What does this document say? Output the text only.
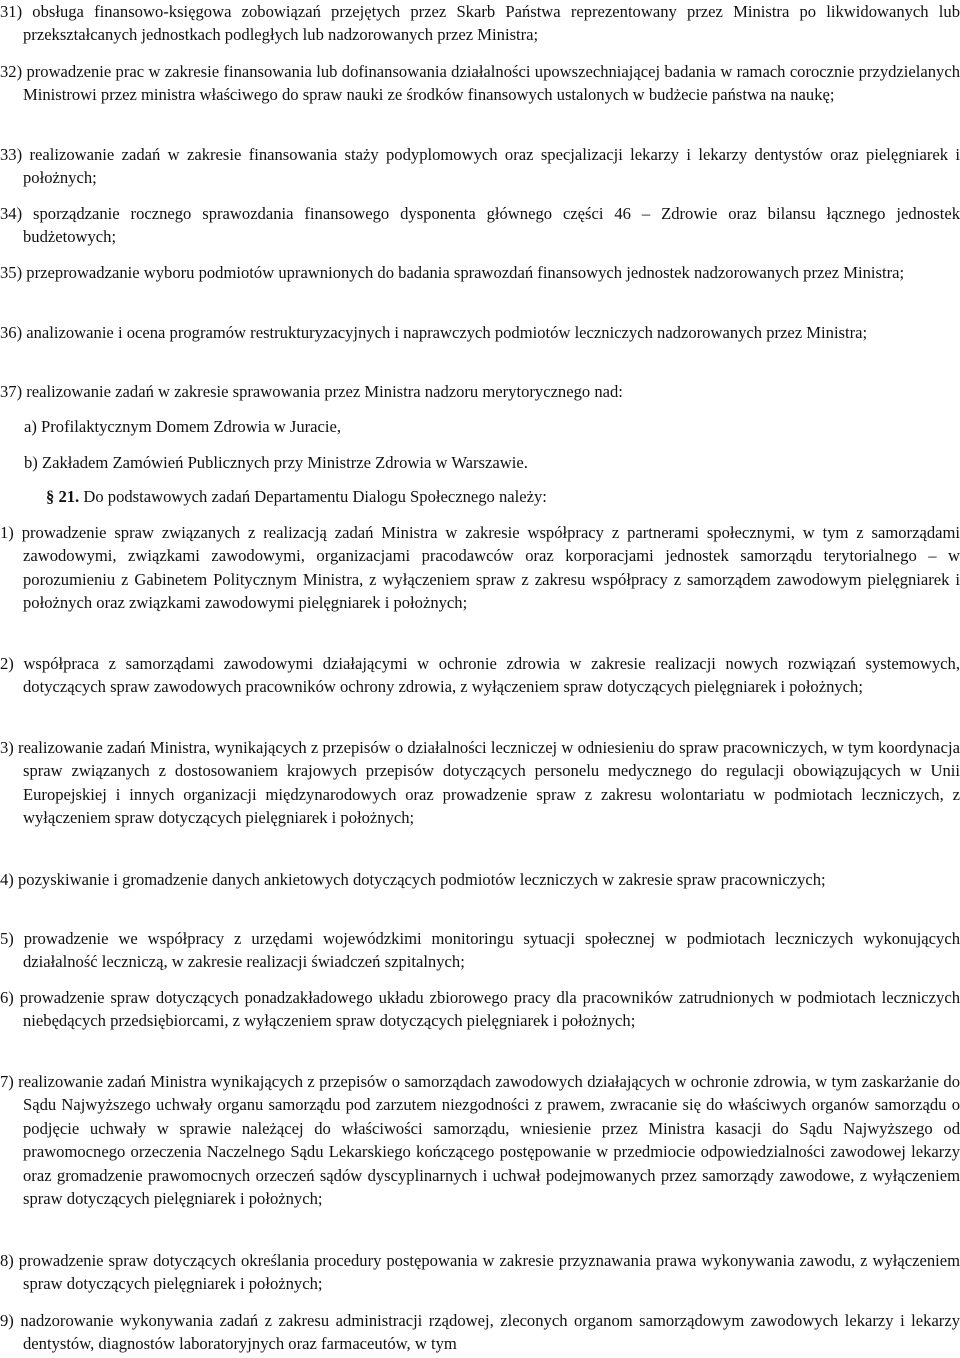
31) obsługa finansowo-księgowa zobowiązań przejętych przez Skarb Państwa reprezentowany przez Ministra po likwidowanych lub przekształcanych jednostkach podległych lub nadzorowanych przez Ministra;
32) prowadzenie prac w zakresie finansowania lub dofinansowania działalności upowszechniającej badania w ramach corocznie przydzielanych Ministrowi przez ministra właściwego do spraw nauki ze środków finansowych ustalonych w budżecie państwa na naukę;
33) realizowanie zadań w zakresie finansowania staży podyplomowych oraz specjalizacji lekarzy i lekarzy dentystów oraz pielęgniarek i położnych;
34) sporządzanie rocznego sprawozdania finansowego dysponenta głównego części 46 – Zdrowie oraz bilansu łącznego jednostek budżetowych;
35) przeprowadzanie wyboru podmiotów uprawnionych do badania sprawozdań finansowych jednostek nadzorowanych przez Ministra;
36) analizowanie i ocena programów restrukturyzacyjnych i naprawczych podmiotów leczniczych nadzorowanych przez Ministra;
37) realizowanie zadań w zakresie sprawowania przez Ministra nadzoru merytorycznego nad:
a) Profilaktycznym Domem Zdrowia w Juracie,
b) Zakładem Zamówień Publicznych przy Ministrze Zdrowia w Warszawie.
§ 21. Do podstawowych zadań Departamentu Dialogu Społecznego należy:
1) prowadzenie spraw związanych z realizacją zadań Ministra w zakresie współpracy z partnerami społecznymi, w tym z samorządami zawodowymi, związkami zawodowymi, organizacjami pracodawców oraz korporacjami jednostek samorządu terytorialnego – w porozumieniu z Gabinetem Politycznym Ministra, z wyłączeniem spraw z zakresu współpracy z samorządem zawodowym pielęgniarek i położnych oraz związkami zawodowymi pielęgniarek i położnych;
2) współpraca z samorządami zawodowymi działającymi w ochronie zdrowia w zakresie realizacji nowych rozwiązań systemowych, dotyczących spraw zawodowych pracowników ochrony zdrowia, z wyłączeniem spraw dotyczących pielęgniarek i położnych;
3) realizowanie zadań Ministra, wynikających z przepisów o działalności leczniczej w odniesieniu do spraw pracowniczych, w tym koordynacja spraw związanych z dostosowaniem krajowych przepisów dotyczących personelu medycznego do regulacji obowiązujących w Unii Europejskiej i innych organizacji międzynarodowych oraz prowadzenie spraw z zakresu wolontariatu w podmiotach leczniczych, z wyłączeniem spraw dotyczących pielęgniarek i położnych;
4) pozyskiwanie i gromadzenie danych ankietowych dotyczących podmiotów leczniczych w zakresie spraw pracowniczych;
5) prowadzenie we współpracy z urzędami wojewódzkimi monitoringu sytuacji społecznej w podmiotach leczniczych wykonujących działalność leczniczą, w zakresie realizacji świadczeń szpitalnych;
6) prowadzenie spraw dotyczących ponadzakładowego układu zbiorowego pracy dla pracowników zatrudnionych w podmiotach leczniczych niebędących przedsiębiorcami, z wyłączeniem spraw dotyczących pielęgniarek i położnych;
7) realizowanie zadań Ministra wynikających z przepisów o samorządach zawodowych działających w ochronie zdrowia, w tym zaskarżanie do Sądu Najwyższego uchwały organu samorządu pod zarzutem niezgodności z prawem, zwracanie się do właściwych organów samorządu o podjęcie uchwały w sprawie należącej do właściwości samorządu, wniesienie przez Ministra kasacji do Sądu Najwyższego od prawomocnego orzeczenia Naczelnego Sądu Lekarskiego kończącego postępowanie w przedmiocie odpowiedzialności zawodowej lekarzy oraz gromadzenie prawomocnych orzeczeń sądów dyscyplinarnych i uchwał podejmowanych przez samorządy zawodowe, z wyłączeniem spraw dotyczących pielęgniarek i położnych;
8) prowadzenie spraw dotyczących określania procedury postępowania w zakresie przyznawania prawa wykonywania zawodu, z wyłączeniem spraw dotyczących pielęgniarek i położnych;
9) nadzorowanie wykonywania zadań z zakresu administracji rządowej, zleconych organom samorządowym zawodowych lekarzy i lekarzy dentystów, diagnostów laboratoryjnych oraz farmaceutów, w tym
